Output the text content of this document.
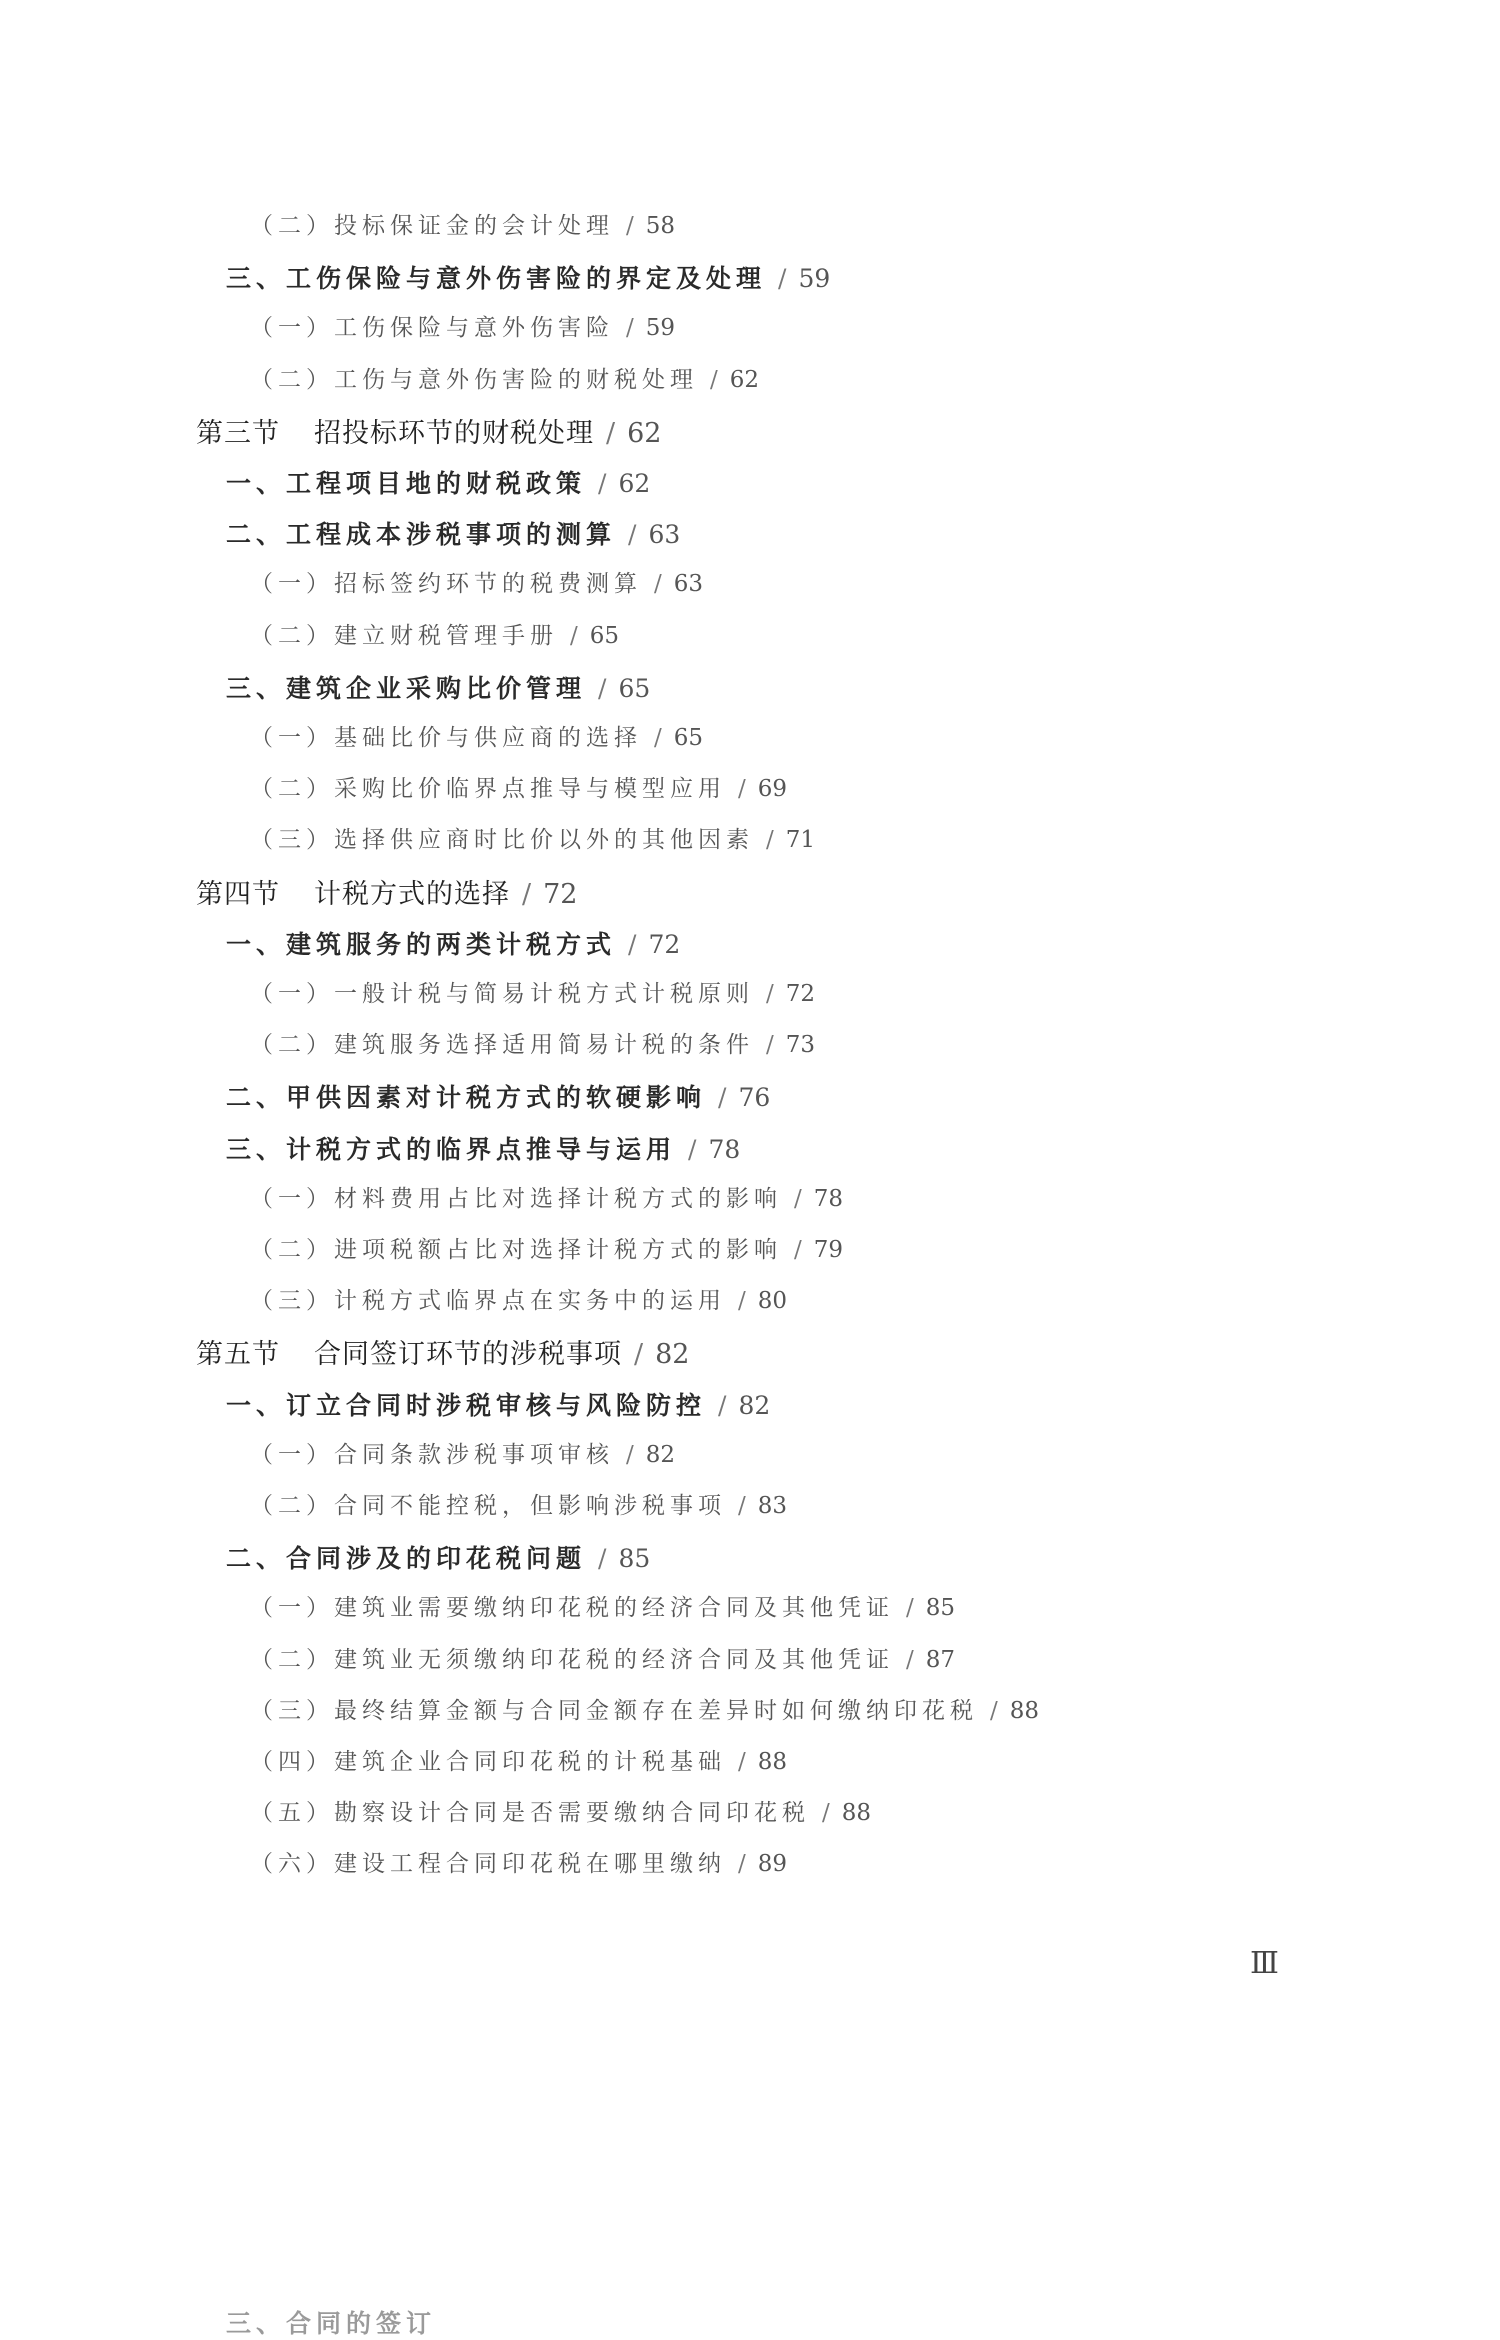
（二）投标保证金的会计处理 / 58
三、工伤保险与意外伤害险的界定及处理 / 59
（一）工伤保险与意外伤害险 / 59
（二）工伤与意外伤害险的财税处理 / 62
第三节 招投标环节的财税处理 / 62
一、工程项目地的财税政策 / 62
二、工程成本涉税事项的测算 / 63
（一）招标签约环节的税费测算 / 63
（二）建立财税管理手册 / 65
三、建筑企业采购比价管理 / 65
（一）基础比价与供应商的选择 / 65
（二）采购比价临界点推导与模型应用 / 69
（三）选择供应商时比价以外的其他因素 / 71
第四节 计税方式的选择 / 72
一、建筑服务的两类计税方式 / 72
（一）一般计税与简易计税方式计税原则 / 72
（二）建筑服务选择适用简易计税的条件 / 73
二、甲供因素对计税方式的软硬影响 / 76
三、计税方式的临界点推导与运用 / 78
（一）材料费用占比对选择计税方式的影响 / 78
（二）进项税额占比对选择计税方式的影响 / 79
（三）计税方式临界点在实务中的运用 / 80
第五节 合同签订环节的涉税事项 / 82
一、订立合同时涉税审核与风险防控 / 82
（一）合同条款涉税事项审核 / 82
（二）合同不能控税，但影响涉税事项 / 83
二、合同涉及的印花税问题 / 85
（一）建筑业需要缴纳印花税的经济合同及其他凭证 / 85
（二）建筑业无须缴纳印花税的经济合同及其他凭证 / 87
（三）最终结算金额与合同金额存在差异时如何缴纳印花税 / 88
（四）建筑企业合同印花税的计税基础 / 88
（五）勘察设计合同是否需要缴纳合同印花税 / 88
（六）建设工程合同印花税在哪里缴纳 / 89
Ⅲ
三、合同的签订
